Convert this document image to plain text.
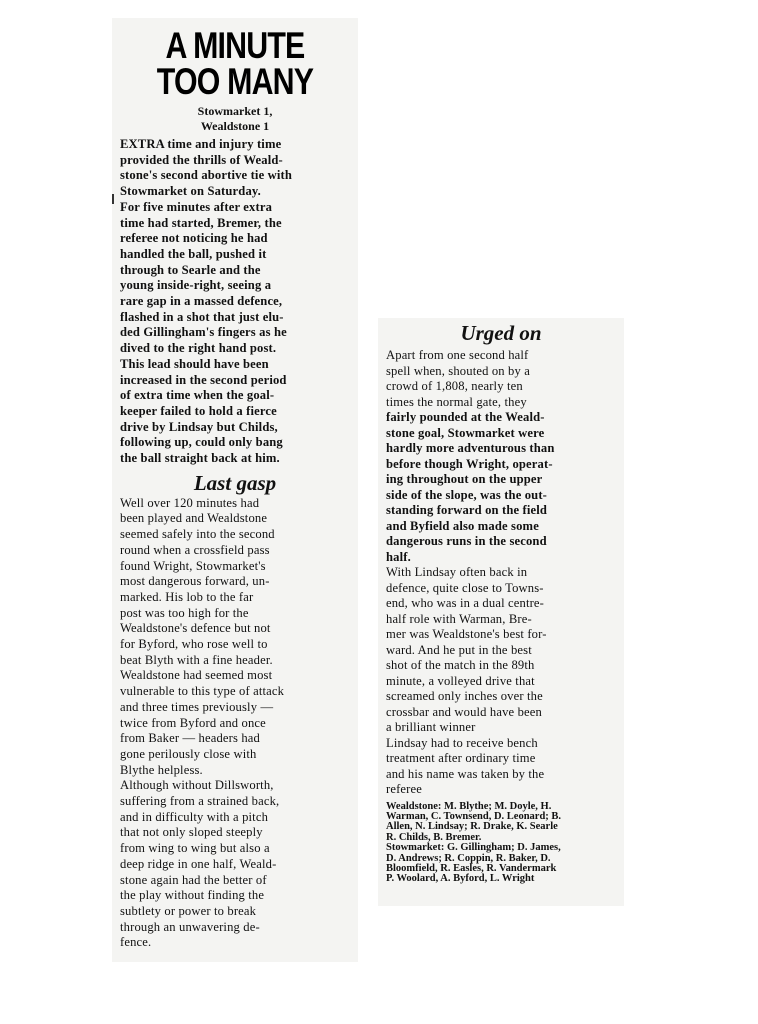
A MINUTE
TOO MANY
Stowmarket 1,
Wealdstone 1
Last gasp
EXTRA time and injury time
provided the thrills of Weald-
stone's second abortive tie with
Stowmarket on Saturday.
For five minutes after extra
time had started, Bremer, the
referee not noticing he had
handled the ball, pushed it
through to Searle and the
young inside-right, seeing a
rare gap in a massed defence,
flashed in a shot that just elu-
ded Gillingham's fingers as he
dived to the right hand post.
This lead should have been
increased in the second period
of extra time when the goal-
keeper failed to hold a fierce
drive by Lindsay but Childs,
following up, could only bang
the ball straight back at him.
Well over 120 minutes had
been played and Wealdstone
seemed safely into the second
round when a crossfield pass
found Wright, Stowmarket's
most dangerous forward, un-
marked. His lob to the far
post was too high for the
Wealdstone's defence but not
for Byford, who rose well to
beat Blyth with a fine header.
Wealdstone had seemed most
vulnerable to this type of attack
and three times previously —
twice from Byford and once
from Baker — headers had
gone perilously close with
Blythe helpless.
Although without Dillsworth,
suffering from a strained back,
and in difficulty with a pitch
that not only sloped steeply
from wing to wing but also a
deep ridge in one half, Weald-
stone again had the better of
the play without finding the
subtlety or power to break
through an unwavering de-
fence.
Urged on
Apart from one second half
spell when, shouted on by a
crowd of 1,808, nearly ten
times the normal gate, they
fairly pounded at the Weald-
stone goal, Stowmarket were
hardly more adventurous than
before though Wright, operat-
ing throughout on the upper
side of the slope, was the out-
standing forward on the field
and Byfield also made some
dangerous runs in the second
half.
With Lindsay often back in
defence, quite close to Towns-
end, who was in a dual centre-
half role with Warman, Bre-
mer was Wealdstone's best for-
ward. And he put in the best
shot of the match in the 89th
minute, a volleyed drive that
screamed only inches over the
crossbar and would have been
a brilliant winner
Lindsay had to receive bench
treatment after ordinary time
and his name was taken by the
referee
Wealdstone: M. Blythe; M. Doyle, H.
Warman, C. Townsend, D. Leonard; B.
Allen, N. Lindsay; R. Drake, K. Searle
R. Childs, B. Bremer.
Stowmarket: G. Gillingham; D. James,
D. Andrews; R. Coppin, R. Baker, D.
Bloomfield, R. Easles, R. Vandermark
P. Woolard, A. Byford, L. Wright
